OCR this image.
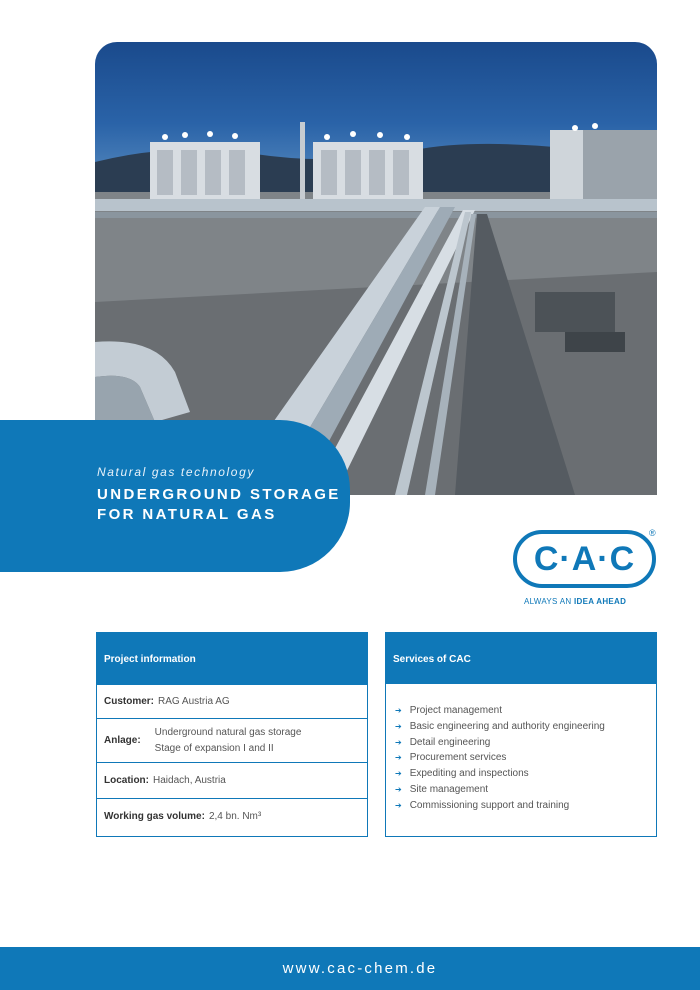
Natural gas technology
UNDERGROUND STORAGE
FOR NATURAL GAS
C·A·C
®
ALWAYS AN IDEA AHEAD
Project information
Customer: RAG Austria AG
Anlage:
Underground natural gas storage
Stage of expansion I and II
Location: Haidach, Austria
Working gas volume: 2,4 bn. Nm³
Services of CAC
➔ Project management
➔ Basic engineering and authority engineering
➔ Detail engineering
➔ Procurement services
➔ Expediting and inspections
➔ Site management
➔ Commissioning support and training
www.cac-chem.de
